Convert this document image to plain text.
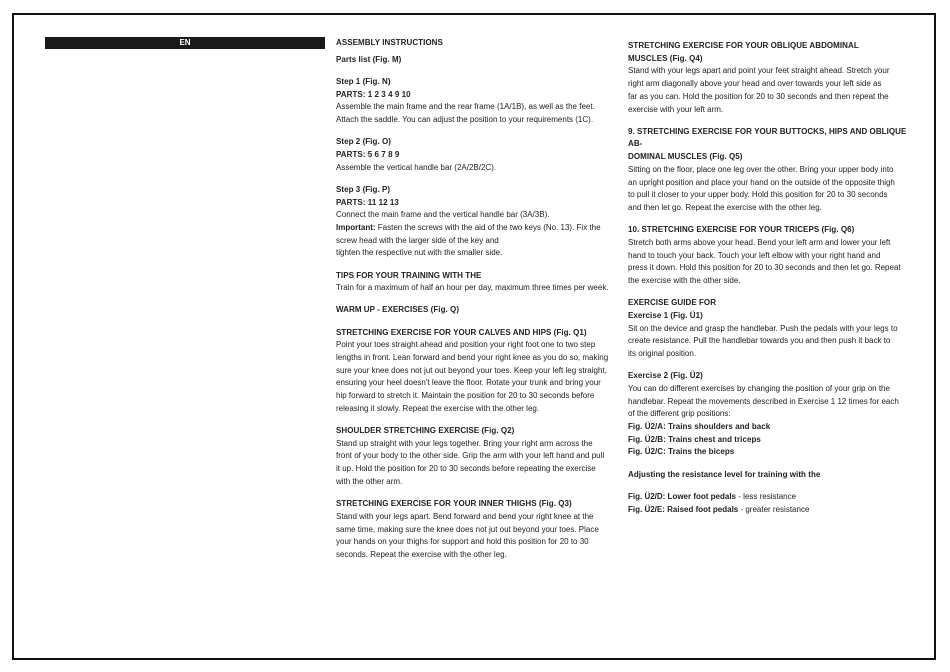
EN	ASSEMBLY INSTRUCTIONS

Parts list (Fig. M)

Step 1 (Fig. N)

PARTS: 1 2 3 4 9 10

Assemble the main frame and the rear frame (1A/1B), as well as the feet.

Attach the saddle. You can adjust the position to your requirements (1C).

Step 2 (Fig. O)

PARTS: 5 6 7 8 9

Assemble the vertical handle bar (2A/2B/2C).

Step 3 (Fig. P)

PARTS: 11 12 13

Connect the main frame and the vertical handle bar (3A/3B).

Important: Fasten the screws with the aid of the two keys (No. 13). Fix the

screw head with the larger side of the key and

tighten the respective nut with the smaller side.

TIPS FOR YOUR TRAINING WITH THE

Train for a maximum of half an hour per day, maximum three times per week.

WARM UP - EXERCISES (Fig. Q)

STRETCHING EXERCISE FOR YOUR CALVES AND HIPS (Fig. Q1)

Point your toes straight ahead and position your right foot one to two step

lengths in front. Lean forward and bend your right knee as you do so, making

sure your knee does not jut out beyond your toes. Keep your left leg straight,

ensuring your heel doesn't leave the floor. Rotate your trunk and bring your

hip forward to stretch it. Maintain the position for 20 to 30 seconds before

releasing it slowly. Repeat the exercise with the other leg.

SHOULDER STRETCHING EXERCISE (Fig. Q2)

Stand up straight with your legs together. Bring your right arm across the

front of your body to the other side. Grip the arm with your left hand and pull

it up. Hold the position for 20 to 30 seconds before repeating the exercise

with the other arm.

STRETCHING EXERCISE FOR YOUR INNER THIGHS (Fig. Q3)

Stand with your legs apart. Bend forward and bend your right knee at the

same time, making sure the knee does not jut out beyond your toes. Place

your hands on your thighs for support and hold this position for 20 to 30

seconds. Repeat the exercise with the other leg.

STRETCHING EXERCISE FOR YOUR OBLIQUE ABDOMINAL

MUSCLES (Fig. Q4)

Stand with your legs apart and point your feet straight ahead. Stretch your

right arm diagonally above your head and over towards your left side as

far as you can. Hold the position for 20 to 30 seconds and then repeat the

exercise with your left arm.

9. STRETCHING EXERCISE FOR YOUR BUTTOCKS, HIPS AND OBLIQUE AB-

DOMINAL MUSCLES (Fig. Q5)

Sitting on the floor, place one leg over the other. Bring your upper body into

an upright position and place your hand on the outside of the opposite thigh

to pull it closer to your upper body. Hold this position for 20 to 30 seconds

and then let go. Repeat the exercise with the other leg.

10. STRETCHING EXERCISE FOR YOUR TRICEPS (Fig. Q6)

Stretch both arms above your head. Bend your left arm and lower your left

hand to touch your back. Touch your left elbow with your right hand and

press it down. Hold this position for 20 to 30 seconds and then let go. Repeat

the exercise with the other side.

EXERCISE GUIDE FOR

Exercise 1 (Fig. Ü1)

Sit on the device and grasp the handlebar. Push the pedals with your legs to

create resistance. Pull the handlebar towards you and then push it back to

its original position.

Exercise 2 (Fig. Ü2)

You can do different exercises by changing the position of your grip on the

handlebar. Repeat the movements described in Exercise 1 12 times for each

of the different grip positions:

Fig. Ü2/A: Trains shoulders and back

Fig. Ü2/B: Trains chest and triceps

Fig. Ü2/C: Trains the biceps

Adjusting the resistance level for training with the

Fig. Ü2/D: Lower foot pedals - less resistance

Fig. Ü2/E: Raised foot pedals - greater resistance
